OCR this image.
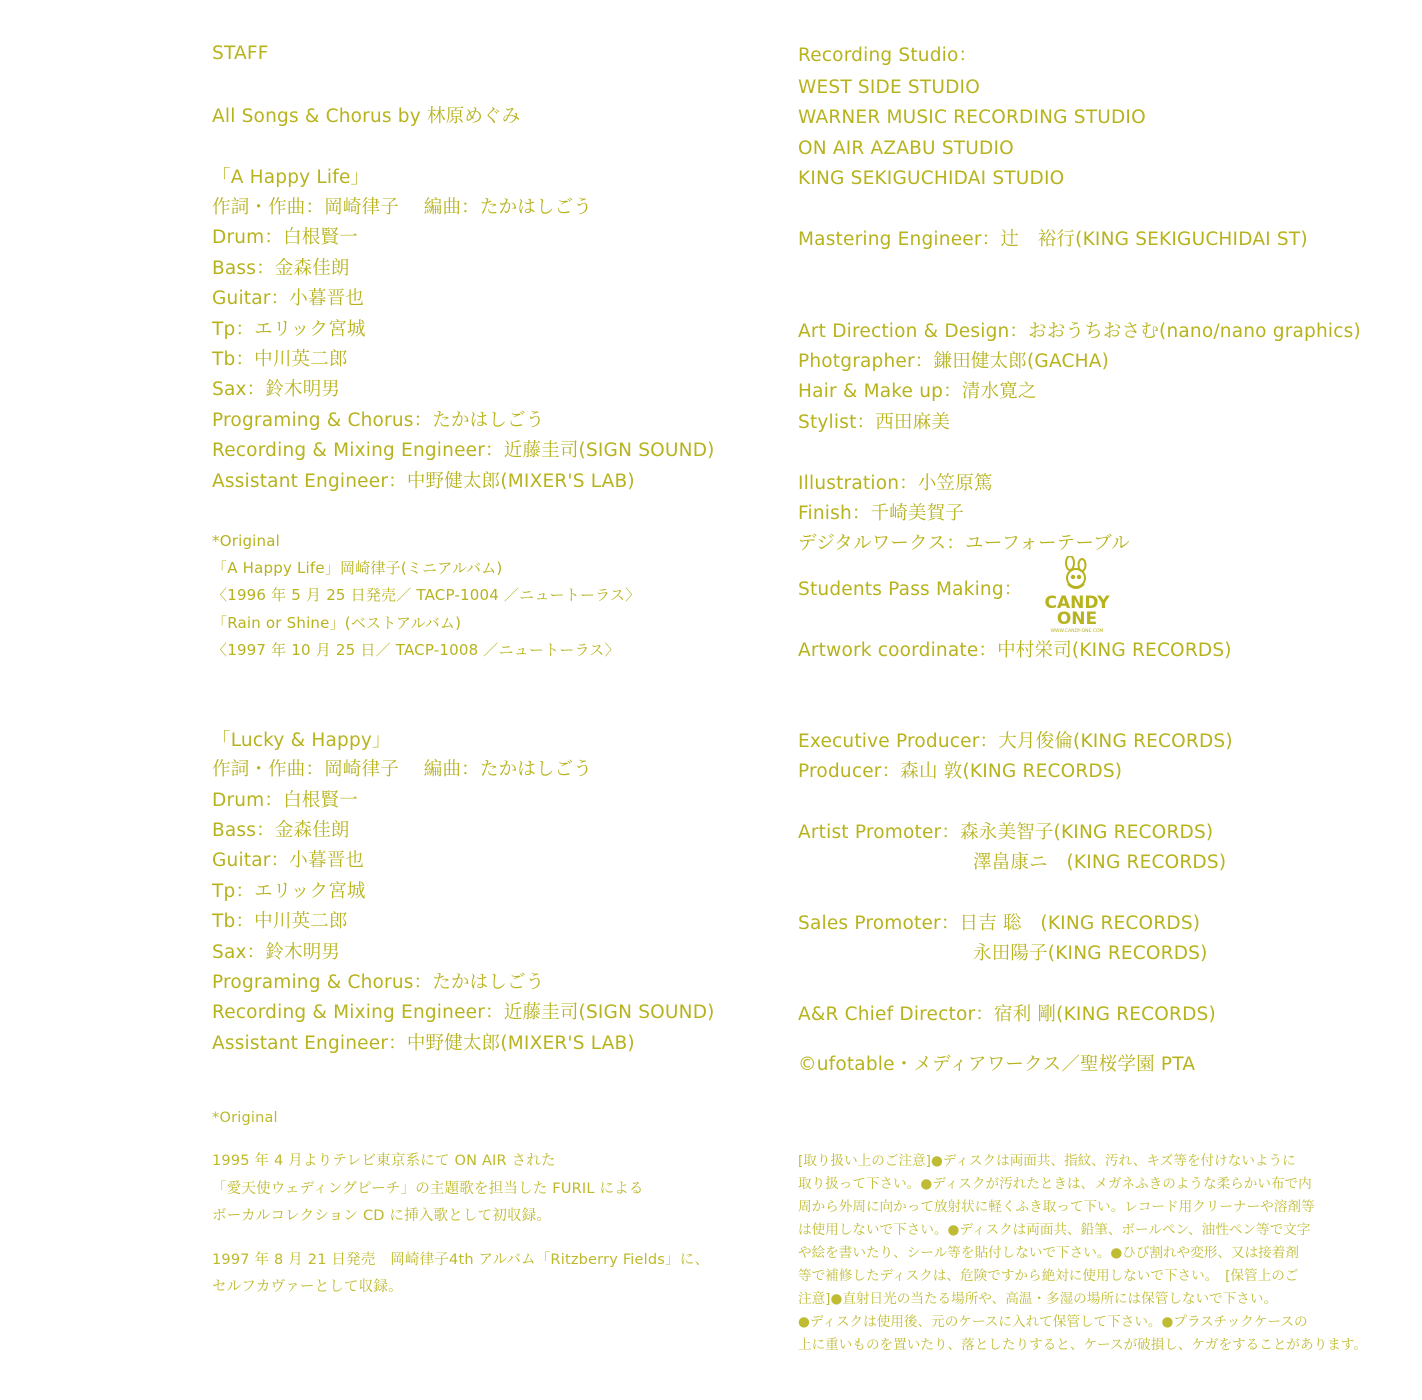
STAFF
All Songs & Chorus by 林原めぐみ
「A Happy Life」
作詞・作曲：岡崎律子　 編曲：たかはしごう
Drum：白根賢一
Bass：金森佳朗
Guitar：小暮晋也
Tp：エリック宮城
Tb：中川英二郎
Sax：鈴木明男
Programing & Chorus：たかはしごう
Recording & Mixing Engineer：近藤圭司(SIGN SOUND)
Assistant Engineer：中野健太郎(MIXER'S LAB)
*Original
「A Happy Life」岡崎律子(ミニアルバム)
〈1996 年 5 月 25 日発売／ TACP-1004 ／ニュートーラス〉
「Rain or Shine」(ベストアルバム)
〈1997 年 10 月 25 日／ TACP-1008 ／ニュートーラス〉
「Lucky & Happy」
作詞・作曲：岡崎律子　 編曲：たかはしごう
Drum：白根賢一
Bass：金森佳朗
Guitar：小暮晋也
Tp：エリック宮城
Tb：中川英二郎
Sax：鈴木明男
Programing & Chorus：たかはしごう
Recording & Mixing Engineer：近藤圭司(SIGN SOUND)
Assistant Engineer：中野健太郎(MIXER'S LAB)
*Original
1995 年 4 月よりテレビ東京系にて ON AIR された
「愛天使ウェディングピーチ」の主題歌を担当した FURIL による
ボーカルコレクション CD に挿入歌として初収録。
1997 年 8 月 21 日発売　岡崎律子4th アルバム「Ritzberry Fields」に、
セルフカヴァーとして収録。
Recording Studio：
WEST SIDE STUDIO
WARNER MUSIC RECORDING STUDIO
ON AIR AZABU STUDIO
KING SEKIGUCHIDAI STUDIO
Mastering Engineer：辻　裕行(KING SEKIGUCHIDAI ST)
Art Direction & Design：おおうちおさむ(nano/nano graphics)
Photgrapher：鎌田健太郎(GACHA)
Hair & Make up：清水寛之
Stylist：西田麻美
Illustration：小笠原篤
Finish：千崎美賀子
デジタルワークス：ユーフォーテーブル
Students Pass Making：
Artwork coordinate：中村栄司(KING RECORDS)
Executive Producer：大月俊倫(KING RECORDS)
Producer：森山 敦(KING RECORDS)
Artist Promoter：森永美智子(KING RECORDS)
澤畠康ニ　(KING RECORDS)
Sales Promoter：日吉 聡　(KING RECORDS)
永田陽子(KING RECORDS)
A&R Chief Director：宿利 剛(KING RECORDS)
©ufotable・メディアワークス／聖桜学園 PTA
CANDY
ONE
WWW.CANDY-ONE.COM

[取り扱い上のご注意]●ディスクは両面共、指紋、汚れ、キズ等を付けないように

取り扱って下さい。●ディスクが汚れたときは、メガネふきのような柔らかい布で内

周から外周に向かって放射状に軽くふき取って下い。レコード用クリーナーや溶剤等

は使用しないで下さい。●ディスクは両面共、鉛筆、ボールペン、油性ペン等で文字

や絵を書いたり、シール等を貼付しないで下さい。●ひび割れや変形、又は接着剤

等で補修したディスクは、危険ですから絶対に使用しないで下さい。　[保管上のご

注意]●直射日光の当たる場所や、高温・多湿の場所には保管しないで下さい。

●ディスクは使用後、元のケースに入れて保管して下さい。●プラスチックケースの

上に重いものを置いたり、落としたりすると、ケースが破損し、ケガをすることがあります。
